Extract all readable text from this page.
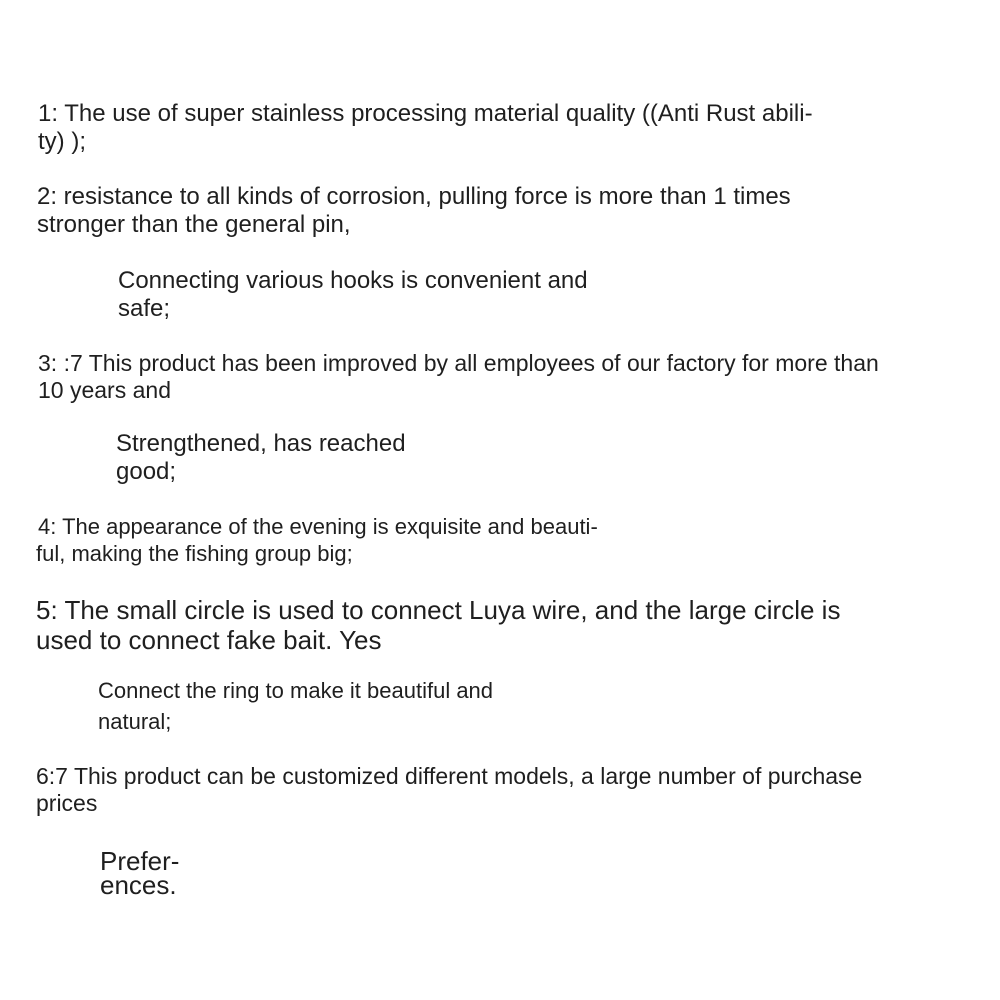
1: The use of super stainless processing material quality ((Anti Rust abili-

ty) );

2: resistance to all kinds of corrosion, pulling force is more than 1 times

stronger than the general pin,

Connecting various hooks is convenient and

safe;

3: :7 This product has been improved by all employees of our factory for more than

10 years and

Strengthened, has reached

good;

4: The appearance of the evening is exquisite and beauti-

ful, making the fishing group big;

5: The small circle is used to connect Luya wire, and the large circle is

used to connect fake bait. Yes

Connect the ring to make it beautiful and

natural;

6:7 This product can be customized different models, a large number of purchase

prices

Prefer-

ences.
